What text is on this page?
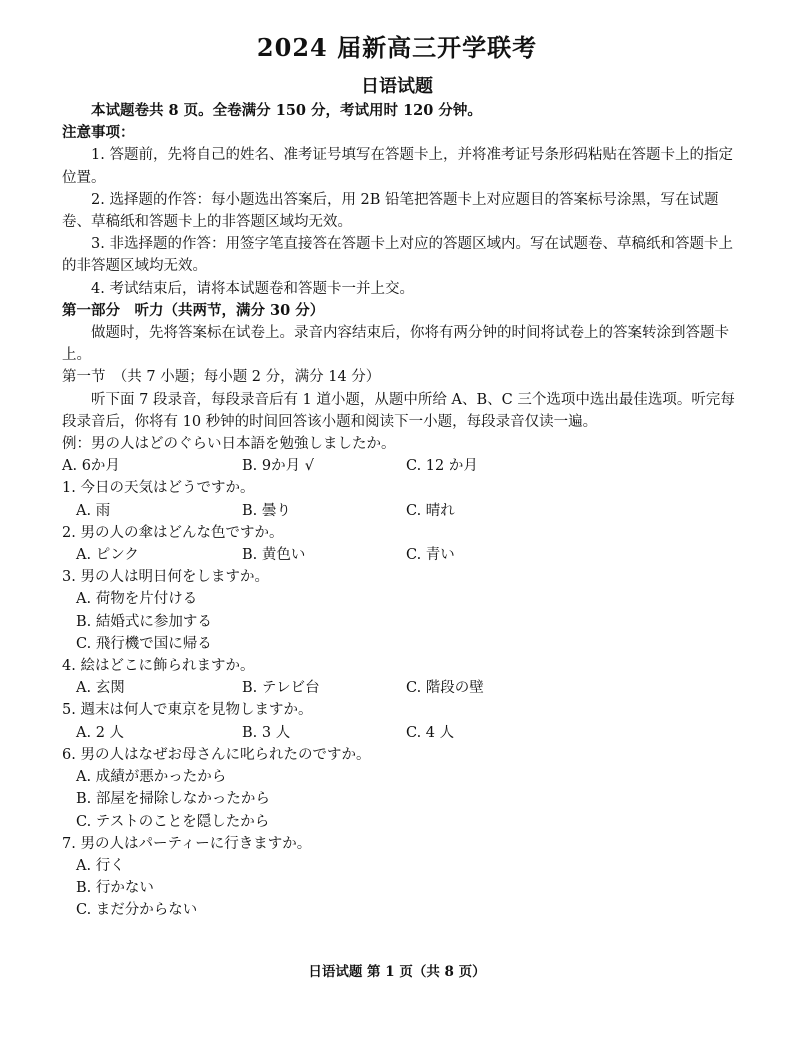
2024 届新高三开学联考
日语试题

本试题卷共 8 页。全卷满分 150 分，考试用时 120 分钟。

注意事项：

1. 答题前，先将自己的姓名、准考证号填写在答题卡上，并将准考证号条形码粘贴在答题卡上的指定位置。

2. 选择题的作答：每小题选出答案后，用 2B 铅笔把答题卡上对应题目的答案标号涂黑，写在试题卷、草稿纸和答题卡上的非答题区域均无效。

3. 非选择题的作答：用签字笔直接答在答题卡上对应的答题区域内。写在试题卷、草稿纸和答题卡上的非答题区域均无效。

4. 考试结束后，请将本试题卷和答题卡一并上交。

第一部分　 听力（共两节，满分 30 分）

做题时，先将答案标在试卷上。录音内容结束后，你将有两分钟的时间将试卷上的答案转涂到答题卡上。

第一节　（共 7 小题；每小题 2 分，满分 14 分）

听下面 7 段录音，每段录音后有 1 道小题，从题中所给 A、B、C 三个选项中选出最佳选项。听完每段录音后，你将有 10 秒钟的时间回答该小题和阅读下一小题，每段录音仅读一遍。

例：男の人はどのぐらい日本語を勉強しましたか。

A. 6か月	B. 9か月 √	C. 12 か月

1. 今日の天気はどうですか。

A. 雨	B. 曇り	C. 晴れ

2. 男の人の傘はどんな色ですか。

A. ピンク	B. 黄色い	C. 青い

3. 男の人は明日何をしますか。

A. 荷物を片付ける

B. 結婚式に参加する

C. 飛行機で国に帰る

4. 絵はどこに飾られますか。

A. 玄関	B. テレビ台	C. 階段の壁

5. 週末は何人で東京を見物しますか。

A. 2 人	B. 3 人	C. 4 人

6. 男の人はなぜお母さんに叱られたのですか。

A. 成績が悪かったから

B. 部屋を掃除しなかったから

C. テストのことを隠したから

7. 男の人はパーティーに行きますか。

A. 行く

B. 行かない

C. まだ分からない

日语试题 第 1 页（共 8 页）
